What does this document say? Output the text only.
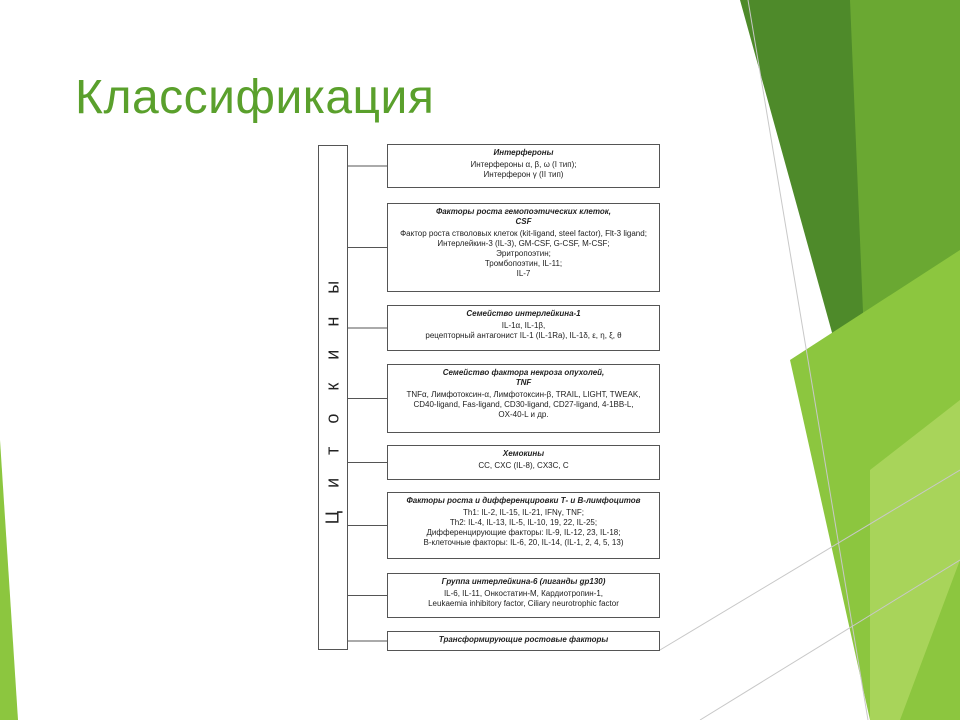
Классификация
Ц и т о к и н ы
Интерфероны
Интерфероны α, β, ω (I тип);
Интерферон γ (II тип)
Факторы роста гемопоэтических клеток,
CSF
Фактор роста стволовых клеток (kit-ligand, steel factor), Flt-3 ligand;
Интерлейкин-3 (IL-3), GM-CSF, G-CSF, M-CSF;
Эритропоэтин;
Тромбопоэтин, IL-11;
IL-7
Семейство интерлейкина-1
IL-1α, IL-1β,
рецепторный антагонист IL-1 (IL-1Ra), IL-1δ, ε, η, ξ, θ
Семейство фактора некроза опухолей,
TNF
TNFα, Лимфотоксин-α, Лимфотоксин-β, TRAIL, LIGHT, TWEAK,
CD40-ligand, Fas-ligand, CD30-ligand, CD27-ligand, 4-1BB-L,
OX-40-L и др.
Хемокины
CC, CXC (IL-8), CX3C, C
Факторы роста и дифференцировки Т- и В-лимфоцитов
Th1: IL-2, IL-15, IL-21, IFNγ, TNF;
Th2: IL-4, IL-13, IL-5, IL-10, 19, 22, IL-25;
Дифференцирующие факторы: IL-9, IL-12, 23, IL-18;
B-клеточные факторы: IL-6, 20, IL-14, (IL-1, 2, 4, 5, 13)
Группа интерлейкина-6 (лиганды gp130)
IL-6, IL-11, Онкостатин-M, Кардиотропин-1,
Leukaemia inhibitory factor, Ciliary neurotrophic factor
Трансформирующие ростовые факторы
